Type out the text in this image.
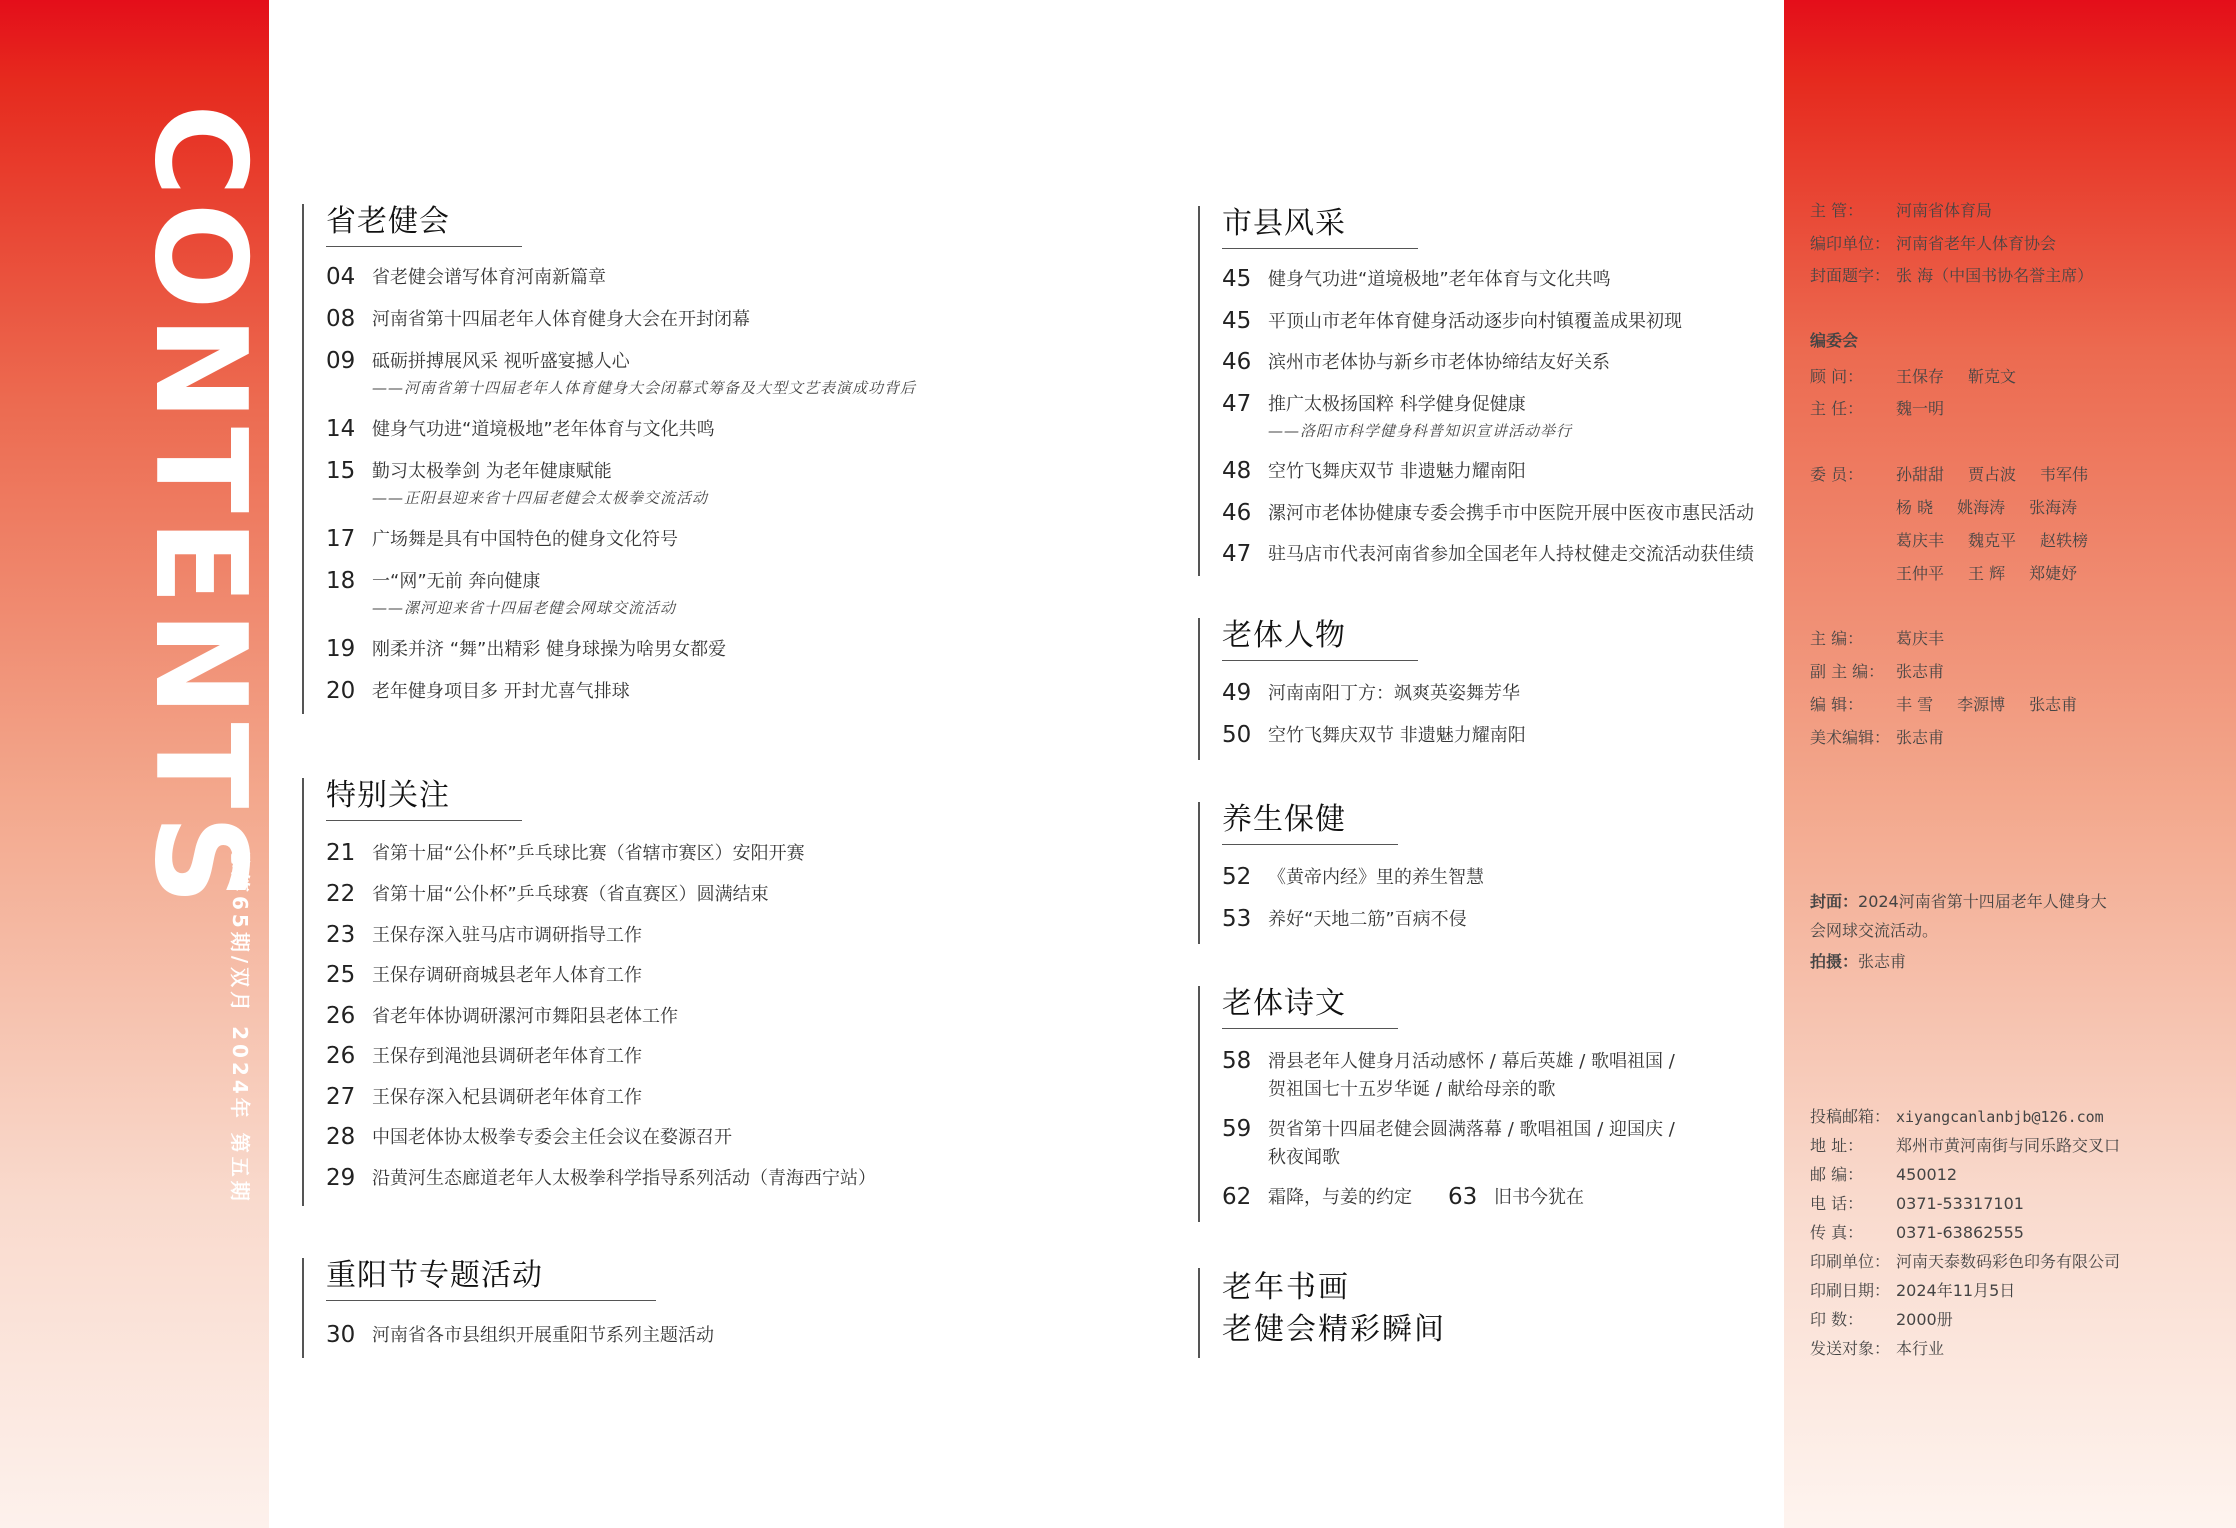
CONTENTS
总第65期/双月 2024年 第五期
省老健会
04 省老健会谱写体育河南新篇章
08 河南省第十四届老年人体育健身大会在开封闭幕
09 砥砺拼搏展风采 视听盛宴撼人心
——河南省第十四届老年人体育健身大会闭幕式筹备及大型文艺表演成功背后
14 健身气功进“道境极地”老年体育与文化共鸣
15 勤习太极拳剑 为老年健康赋能
——正阳县迎来省十四届老健会太极拳交流活动
17 广场舞是具有中国特色的健身文化符号
18 一“网”无前 奔向健康
——漯河迎来省十四届老健会网球交流活动
19 刚柔并济 “舞”出精彩 健身球操为啥男女都爱
20 老年健身项目多 开封尤喜气排球
特别关注
21 省第十届“公仆杯”乒乓球比赛（省辖市赛区）安阳开赛
22 省第十届“公仆杯”乒乓球赛（省直赛区）圆满结束
23 王保存深入驻马店市调研指导工作
25 王保存调研商城县老年人体育工作
26 省老年体协调研漯河市舞阳县老体工作
26 王保存到渑池县调研老年体育工作
27 王保存深入杞县调研老年体育工作
28 中国老体协太极拳专委会主任会议在婺源召开
29 沿黄河生态廊道老年人太极拳科学指导系列活动（青海西宁站）
重阳节专题活动
30 河南省各市县组织开展重阳节系列主题活动
市县风采
45 健身气功进“道境极地”老年体育与文化共鸣
45 平顶山市老年体育健身活动逐步向村镇覆盖成果初现
46 滨州市老体协与新乡市老体协缔结友好关系
47 推广太极扬国粹 科学健身促健康
——洛阳市科学健身科普知识宣讲活动举行
48 空竹飞舞庆双节 非遗魅力耀南阳
46 漯河市老体协健康专委会携手市中医院开展中医夜市惠民活动
47 驻马店市代表河南省参加全国老年人持杖健走交流活动获佳绩
老体人物
49 河南南阳丁方：飒爽英姿舞芳华
50 空竹飞舞庆双节 非遗魅力耀南阳
养生保健
52 《黄帝内经》里的养生智慧
53 养好“天地二筋”百病不侵
老体诗文
58 滑县老年人健身月活动感怀 / 幕后英雄 / 歌唱祖国 /
贺祖国七十五岁华诞 / 献给母亲的歌
59 贺省第十四届老健会圆满落幕 / 歌唱祖国 / 迎国庆 /
秋夜闻歌
62 霜降，与姜的约定 63 旧书今犹在
老年书画
老健会精彩瞬间
主 管： 河南省体育局
编印单位： 河南省老年人体育协会
封面题字： 张 海（中国书协名誉主席）
编委会
顾 问： 王保存 靳克文
主 任： 魏一明
委 员： 孙甜甜 贾占波 韦军伟
杨 晓 姚海涛 张海涛
葛庆丰 魏克平 赵轶榜
王仲平 王 辉 郑婕妤
主 编： 葛庆丰
副 主 编： 张志甫
编 辑： 丰 雪 李源博 张志甫
美术编辑： 张志甫
封面：2024河南省第十四届老年人健身大
会网球交流活动。
拍摄：张志甫
投稿邮箱： xiyangcanlanbjb@126.com
地 址： 郑州市黄河南街与同乐路交叉口
邮 编： 450012
电 话： 0371-53317101
传 真： 0371-63862555
印刷单位： 河南天泰数码彩色印务有限公司
印刷日期： 2024年11月5日
印 数： 2000册
发送对象： 本行业
